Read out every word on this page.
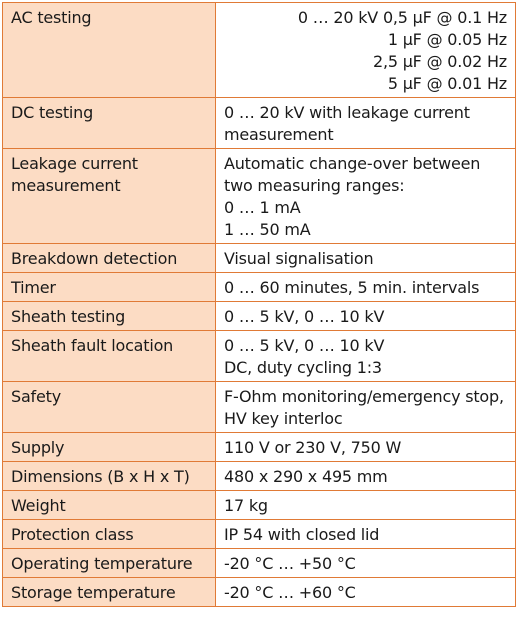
AC testing	0 … 20 kV 0,5 µF @ 0.1 Hz
1 µF @ 0.05 Hz
2,5 µF @ 0.02 Hz
5 µF @ 0.01 Hz

DC testing	0 … 20 kV with leakage current
measurement

Leakage current
measurement	Automatic change-over between
two measuring ranges:
0 … 1 mA
1 … 50 mA

Breakdown detection	Visual signalisation

Timer	0 … 60 minutes, 5 min. intervals

Sheath testing	0 … 5 kV, 0 … 10 kV

Sheath fault location	0 … 5 kV, 0 … 10 kV
DC, duty cycling 1:3

Safety	F-Ohm monitoring/emergency stop,
HV key interloc

Supply	110 V or 230 V, 750 W

Dimensions (B x H x T)	480 x 290 x 495 mm

Weight	17 kg

Protection class	IP 54 with closed lid

Operating temperature	-20 °C … +50 °C

Storage temperature	-20 °C … +60 °C
